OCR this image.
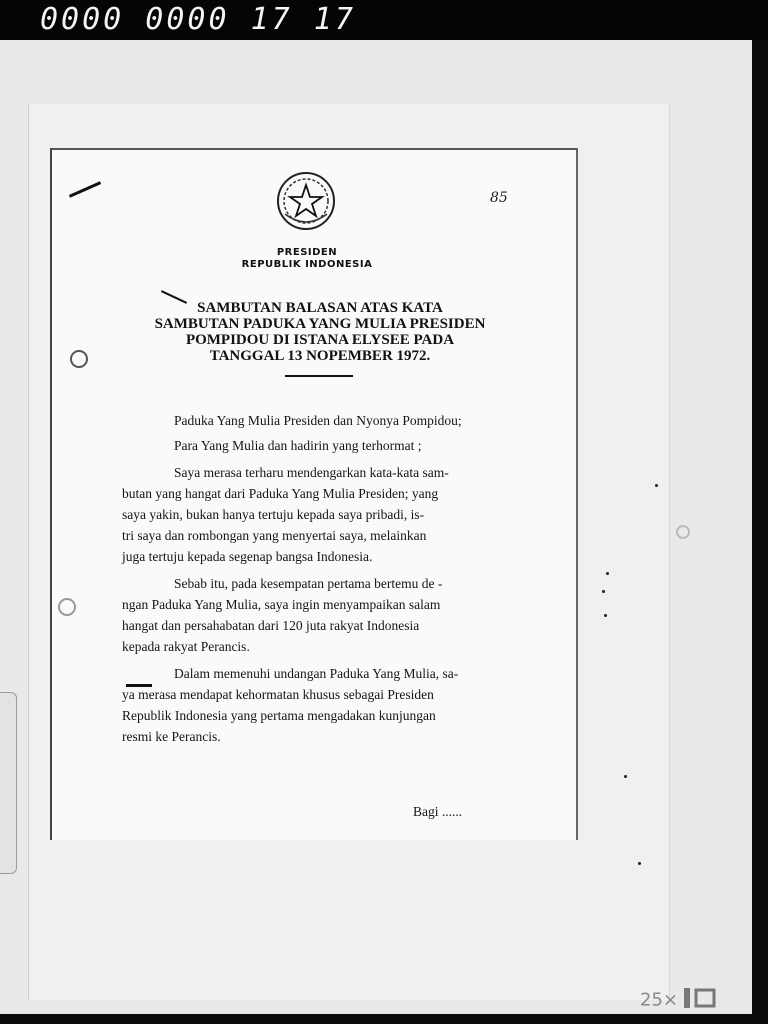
0000 0000 17 17
PRESIDEN
REPUBLIK INDONESIA
85
SAMBUTAN BALASAN ATAS KATA
SAMBUTAN PADUKA YANG MULIA PRESIDEN
POMPIDOU DI ISTANA ELYSEE PADA
TANGGAL 13 NOPEMBER 1972.

Paduka Yang Mulia Presiden dan Nyonya Pompidou;

Para Yang Mulia dan hadirin yang terhormat ;

Saya merasa terharu mendengarkan kata-kata sam-

butan yang hangat dari Paduka Yang Mulia Presiden; yang

saya yakin, bukan hanya tertuju kepada saya pribadi, is-

tri saya dan rombongan yang menyertai saya, melainkan

juga tertuju kepada segenap bangsa Indonesia.

Sebab itu, pada kesempatan pertama bertemu de -

ngan Paduka Yang Mulia, saya ingin menyampaikan salam

hangat dan persahabatan dari 120 juta rakyat Indonesia

kepada rakyat Perancis.

Dalam memenuhi undangan Paduka Yang Mulia, sa-

ya merasa mendapat kehormatan khusus sebagai Presiden

Republik Indonesia yang pertama mengadakan kunjungan

resmi ke Perancis.

Bagi ......
25×
